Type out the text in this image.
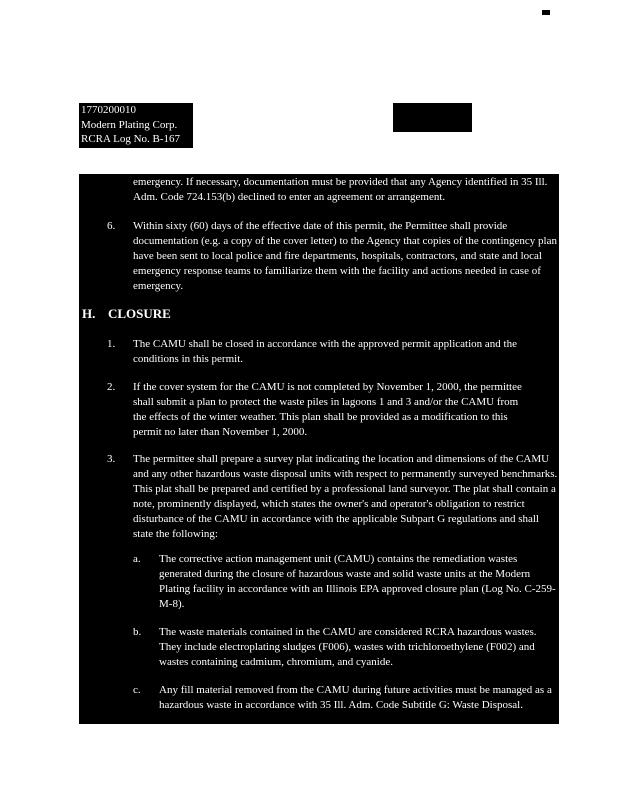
1770200010
Modern Plating Corp.
RCRA Log No. B-167
emergency. If necessary, documentation must be provided that any Agency identified in 35 Ill. Adm. Code 724.153(b) declined to enter an agreement or arrangement.
6. Within sixty (60) days of the effective date of this permit, the Permittee shall provide documentation (e.g. a copy of the cover letter) to the Agency that copies of the contingency plan have been sent to local police and fire departments, hospitals, contractors, and state and local emergency response teams to familiarize them with the facility and actions needed in case of emergency.
H. CLOSURE
1. The CAMU shall be closed in accordance with the approved permit application and the conditions in this permit.
2. If the cover system for the CAMU is not completed by November 1, 2000, the permittee shall submit a plan to protect the waste piles in lagoons 1 and 3 and/or the CAMU from the effects of the winter weather. This plan shall be provided as a modification to this permit no later than November 1, 2000.
3. The permittee shall prepare a survey plat indicating the location and dimensions of the CAMU and any other hazardous waste disposal units with respect to permanently surveyed benchmarks. This plat shall be prepared and certified by a professional land surveyor. The plat shall contain a note, prominently displayed, which states the owner's and operator's obligation to restrict disturbance of the CAMU in accordance with the applicable Subpart G regulations and shall state the following:
a. The corrective action management unit (CAMU) contains the remediation wastes generated during the closure of hazardous waste and solid waste units at the Modern Plating facility in accordance with an Illinois EPA approved closure plan (Log No. C-259-M-8).
b. The waste materials contained in the CAMU are considered RCRA hazardous wastes. They include electroplating sludges (F006), wastes with trichloroethylene (F002) and wastes containing cadmium, chromium, and cyanide.
c. Any fill material removed from the CAMU during future activities must be managed as a hazardous waste in accordance with 35 Ill. Adm. Code Subtitle G: Waste Disposal.
